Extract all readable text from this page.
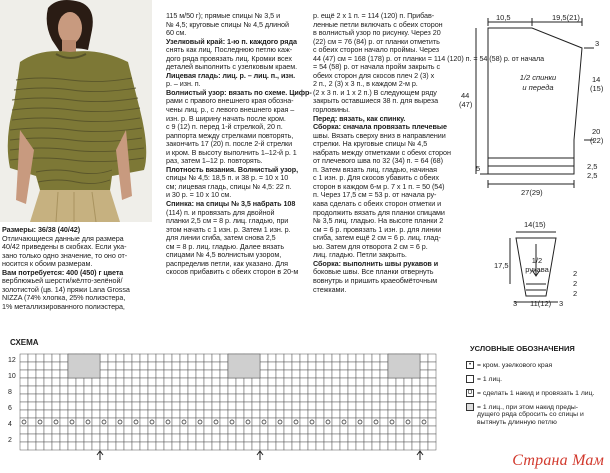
Размеры: 36/38 (40/42)
Отличающиеся данные для размера
40/42 приведены в скобках. Если ука-
зано только одно значение, то оно от-
носится к обоим размерам.
Вам потребуется: 400 (450) г цвета
верблюжьей шерсти/жёлто-зелёной/
золотистой (цв. 14) пряжи Lana Grossa
NIZZA (74% хлопка, 25% полиэстера,
1% металлизированного полиэстера,
115 м/50 г); прямые спицы № 3,5 и
№ 4,5; круговые спицы № 4,5 длиной
60 см.
Узелковый край: 1-ю п. каждого ряда
снять как лиц. Последнюю петлю каж-
дого ряда провязать лиц. Кромки всех
деталей выполнить с узелковым краем.
Лицевая гладь: лиц. р. – лиц. п., изн.
р. – изн. п.
Волнистый узор: вязать по схеме. Цифр-
рами с правого внешнего края обозна-
чены лиц. р., с левого внешнего края –
изн. р. В ширину начать после кром.
с 9 (12) п. перед 1-й стрелкой, 20 п.
раппорта между стрелками повторять,
закончить 17 (20) п. после 2-й стрелки
и кром. В высоту выполнить 1–12-й р. 1
раз, затем 1–12 р. повторять.
Плотность вязания. Волнистый узор,
спицы № 4,5: 18,5 п. и 38 р. = 10 х 10
см; лицевая гладь, спицы № 4,5: 22 п.
и 30 р. = 10 х 10 см.
Спинка: на спицы № 3,5 набрать 108
(114) п. и провязать для двойной
планки 2,5 см = 8 р. лиц. гладью, при
этом начать с 1 изн. р. Затем 1 изн. р.
для линии сгиба, затем снова 2,5
см = 8 р. лиц. гладью. Далее вязать
спицами № 4,5 волнистым узором,
распределив петли, как указано. Для
скосов прибавить с обеих сторон в 20-м
р. ещё 2 х 1 п. = 114 (120) п. Прибав-
ленные петли включать с обеих сторон
в волнистый узор по рисунку. Через 20
(22) см = 76 (84) р. от планки отметить
с обеих сторон начало проймы. Через
44 (47) см = 168 (178) р. от планки = 114 (120) п. = 54 (58) р. от начала
= 54 (58) р. от начала пройм закрыть с
обеих сторон для скосов плеч 2 (3) х
2 п., 2 (3) х 3 п., в каждом 2-м р.
(2 х 3 п. и 1 х 2 п.) В следующем ряду
закрыть оставшиеся 38 п. для выреза
горловины.
Перед: вязать, как спинку.
Сборка: сначала провязать плечевые
швы. Вязать сверху вниз в направлении
стрелки. На круговые спицы № 4,5
набрать между отметками с обеих сторон
от плечевого шва по 32 (34) п. = 64 (68)
п. Затем вязать лиц. гладью, начиная
с 1 изн. р. Для скосов убавить с обеих
сторон в каждом 6-м р. 7 х 1 п. = 50 (54)
п. Через 17,5 см = 53 р. от начала ру-
кава сделать с обеих сторон отметки и
продолжить вязать для планки спицами
№ 3,5 лиц. гладью. На высоте планки 2
см = 6 р. провязать 1 изн. р. для линии
сгиба, затем ещё 2 см = 6 р. лиц. глад-
ью. Затем для отворота 2 см = 6 р.
лиц. гладью. Петли закрыть.
Сборка: выполнить швы рукавов и
боковые швы. Все планки отвернуть
вовнутрь и пришить краеобмёточным
стежками.
10,5	19,5(21)
1/2 спинки
и переда
44
(47)
3
14
(15)
20
(22)
27(29)
5	2,5
2,5
14(15)
1/2
рукава
17,5
2
2
2
3 11(12) 3
СХЕМА
12
10
8
6
4
2
УСЛОВНЫЕ ОБОЗНАЧЕНИЯ
• = кром. узелкового края
= 1 лиц.
O = сделать 1 накид и провязать 1 лиц.
= 1 лиц., при этом накид преды-
дущего ряда сбросить со спицы и
вытянуть длинную петлю
Страна Мам
